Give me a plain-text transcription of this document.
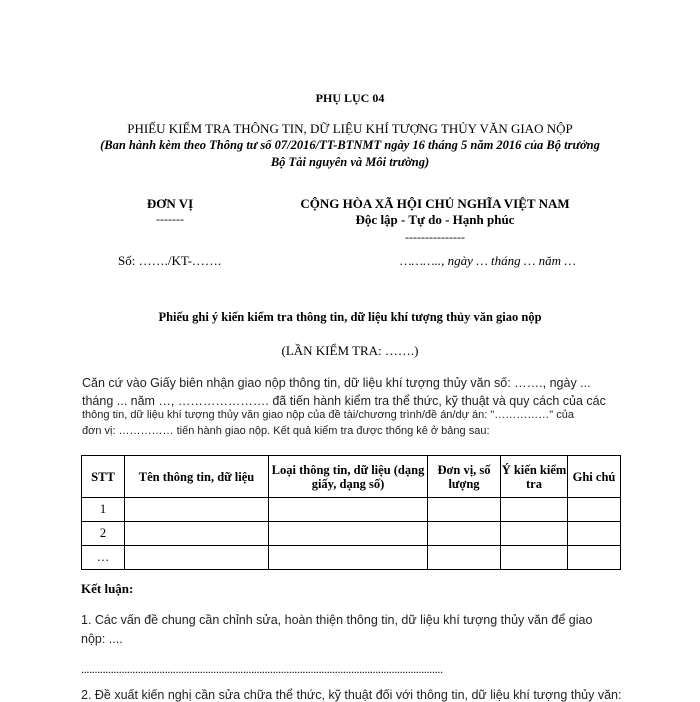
PHỤ LỤC 04
PHIẾU KIỂM TRA THÔNG TIN, DỮ LIỆU KHÍ TƯỢNG THỦY VĂN GIAO NỘP
(Ban hành kèm theo Thông tư số 07/2016/TT-BTNMT ngày 16 tháng 5 năm 2016 của Bộ trưởng
Bộ Tài nguyên và Môi trường)
ĐƠN VỊ
-------
CỘNG HÒA XÃ HỘI CHỦ NGHĨA VIỆT NAM
Độc lập - Tự do - Hạnh phúc
---------------
Số: ……./KT-…….	……….., ngày … tháng … năm …
Phiếu ghi ý kiến kiểm tra thông tin, dữ liệu khí tượng thủy văn giao nộp
(LẦN KIỂM TRA: …….)
Căn cứ vào Giấy biên nhận giao nộp thông tin, dữ liệu khí tượng thủy văn số: ……., ngày ...
tháng ... năm …, …………………. đã tiến hành kiểm tra thể thức, kỹ thuật và quy cách của các
thông tin, dữ liệu khí tượng thủy văn giao nộp của đề tài/chương trình/đề án/dự án: "……………" của
đơn vị: …………… tiến hành giao nộp. Kết quả kiểm tra được thống kê ở bảng sau:
STT	Tên thông tin, dữ liệu	Loại thông tin, dữ liệu (dạng giấy, dạng số)	Đơn vị, số lượng	Ý kiến kiểm tra	Ghi chú
1					
2					
…					
Kết luận:
1. Các vấn đề chung cần chỉnh sửa, hoàn thiện thông tin, dữ liệu khí tượng thủy văn để giao
nộp: ....
......................................................................................................................................
2. Đề xuất kiến nghị cần sửa chữa thể thức, kỹ thuật đối với thông tin, dữ liệu khí tượng thủy văn:
